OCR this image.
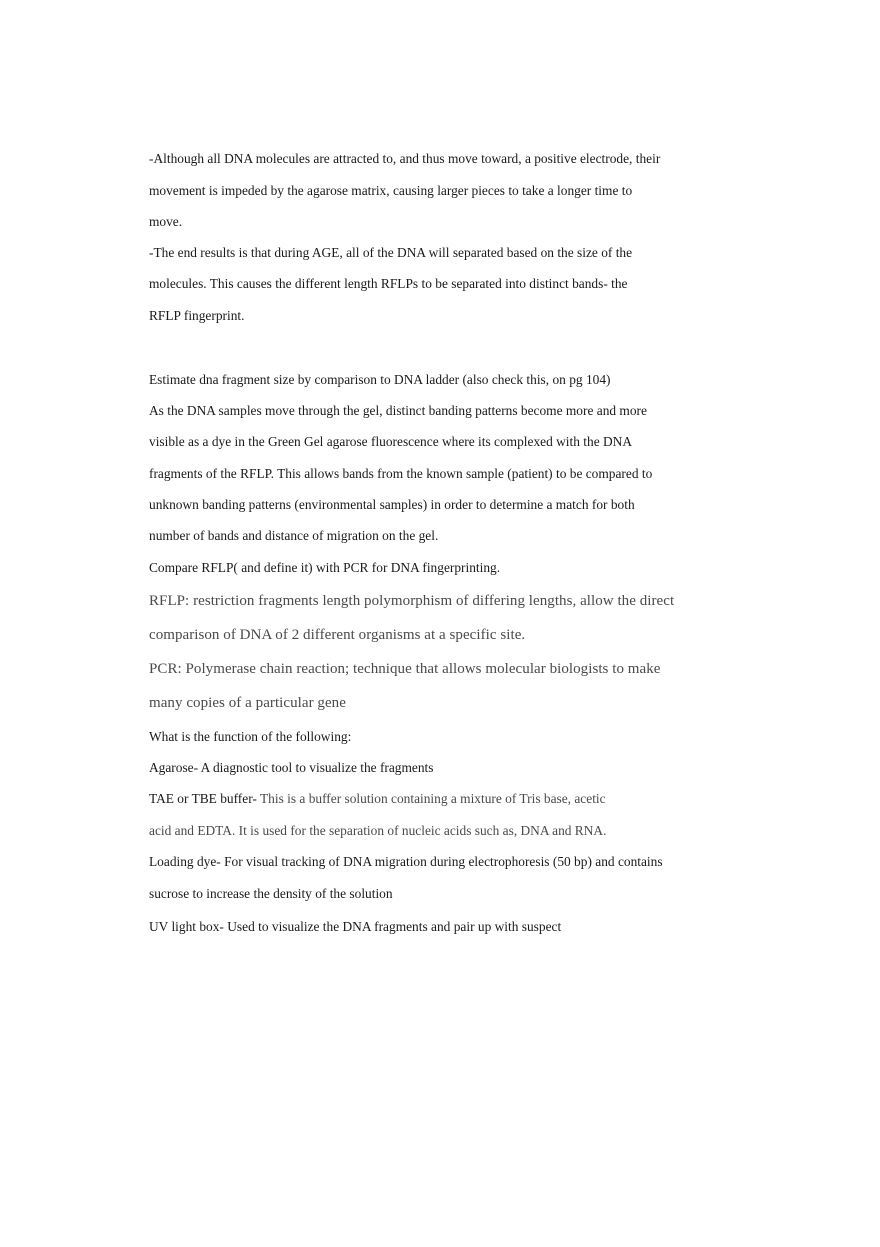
-Although all DNA molecules are attracted to, and thus move toward, a positive electrode, their

movement is impeded by the agarose matrix, causing larger pieces to take a longer time to

move.

-The end results is that during AGE, all of the DNA will separated based on the size of the

molecules. This causes the different length RFLPs to be separated into distinct bands- the

RFLP fingerprint.

Estimate dna fragment size by comparison to DNA ladder (also check this, on pg 104)

As the DNA samples move through the gel, distinct banding patterns become more and more

visible as a dye in the Green Gel agarose fluorescence where its complexed with the DNA

fragments of the RFLP. This allows bands from the known sample (patient) to be compared to

unknown banding patterns (environmental samples) in order to determine a match for both

number of bands and distance of migration on the gel.

Compare RFLP( and define it) with PCR for DNA fingerprinting.

RFLP: restriction fragments length polymorphism of differing lengths, allow the direct

comparison of DNA of 2 different organisms at a specific site.

PCR: Polymerase chain reaction; technique that allows molecular biologists to make

many copies of a particular gene

What is the function of the following:

Agarose- A diagnostic tool to visualize the fragments

TAE or TBE buffer- This is a buffer solution containing a mixture of Tris base, acetic

acid and EDTA. It is used for the separation of nucleic acids such as, DNA and RNA.

Loading dye- For visual tracking of DNA migration during electrophoresis (50 bp) and contains

sucrose to increase the density of the solution

UV light box- Used to visualize the DNA fragments and pair up with suspect
